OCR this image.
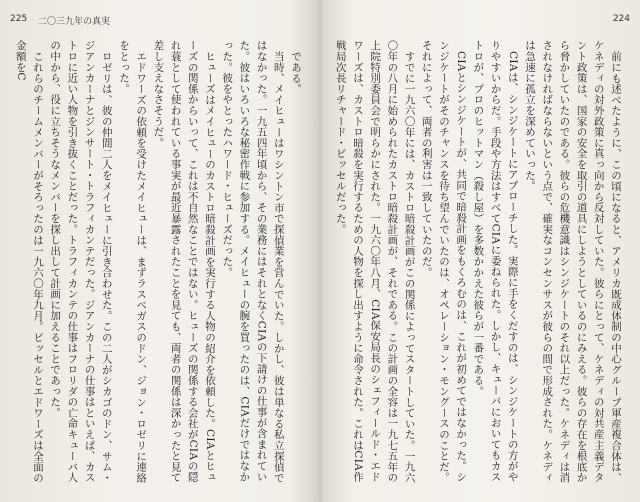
225 二〇三九年の真実

である。

当時、メイヒューはワシントン市で探偵業を営んでいた。しかし、彼は単なる私立探偵ではなかった。一九五四年頃から、その業務にはそれとなくCIAの下請けの仕事が含まれていた。彼はいろいろな秘密作戦に参加する。メイヒューの腕を買ったのは、CIAだけではなかった。彼をやとったハワード・ヒューズだった。

ヒューズはメイヒューのカストロ暗殺計画を実行する人物の紹介を依頼した。CIAとヒューズの関係からいって、これは不自然なことではない。ヒューズの関係する会社がCIAの隠れ蓑として使われている事実が最近暴露されたことを見ても、両者の関係は深かったと見て差し支えなさそうだ。

エドワーズの依頼を受けたメイヒューは、まずラスベガスのドン、ジョン・ロゼリに連絡をとった。

ロゼリは、彼の仲間二人をメイヒューに引き合わせた。この二人がシカゴのドン、サム・ジアンカーナとジンサート・トラフィカンテだった。ジアンカーナの仕事はといえば、カストロに近い人物を引き抜くことだった。トラフィカンテの仕事はフロリダの亡命キューバ人の中から、役に立ちそうなメンバーを探し出して計画に加えることであった。

これらのチームメンバーがそろったのは一九六〇年九月。ビッセルとエドワーズは全面の金額をC

224

前にも述べたように、この頃になると、アメリカ既成体制の中心グループ軍産複合体は、ケネディの対外政策に真っ向から反対していた。彼らにとって、ケネディの対共産主義デタント政策は、国家の安全を取引の道具にしようとしているのにみえる。彼らの存在を根底から脅かしていたのである。彼らの危機意識はシンジケートのそれ以上だった。ケネディは消されなければならないという点で、確実なコンセンサスが彼らの間で形成された。ケネディは急速に孤立を深めていった。

CIAは、シンジケートにアプローチした。実際に手をくだすのは、シンジケートの方がやりやすいからだ。手段や方法はすべてCIAに委ねられた。しかし、キューバにおいてもカストロが、プロのヒットマン（殺し屋）を多数かかえた彼らが一番である。

CIAとシンジケートが、共同で暗殺計画をもくろむのは、これが初めてではなかった。シンジケートがそのチャンスを待ち望んでいたのは、オペレーション・モングースのことだ。それによって、両者の利害は一致していたのだ。

すでに一九六〇年には、カストロ暗殺計画がこの関係によってスタートしていた。一九六〇年の八月に始められたカストロ暗殺計画が、それである。この計画の全容は一九七五年の上院特別委員会で明らかにされた。一九六〇年八月、CIA保安局長のシェフィールド・エドワーズは、カストロ暗殺を実行するための人物を探し出すように命令された。これはCIA作戦局次長リチャード・ビッセルだった。
